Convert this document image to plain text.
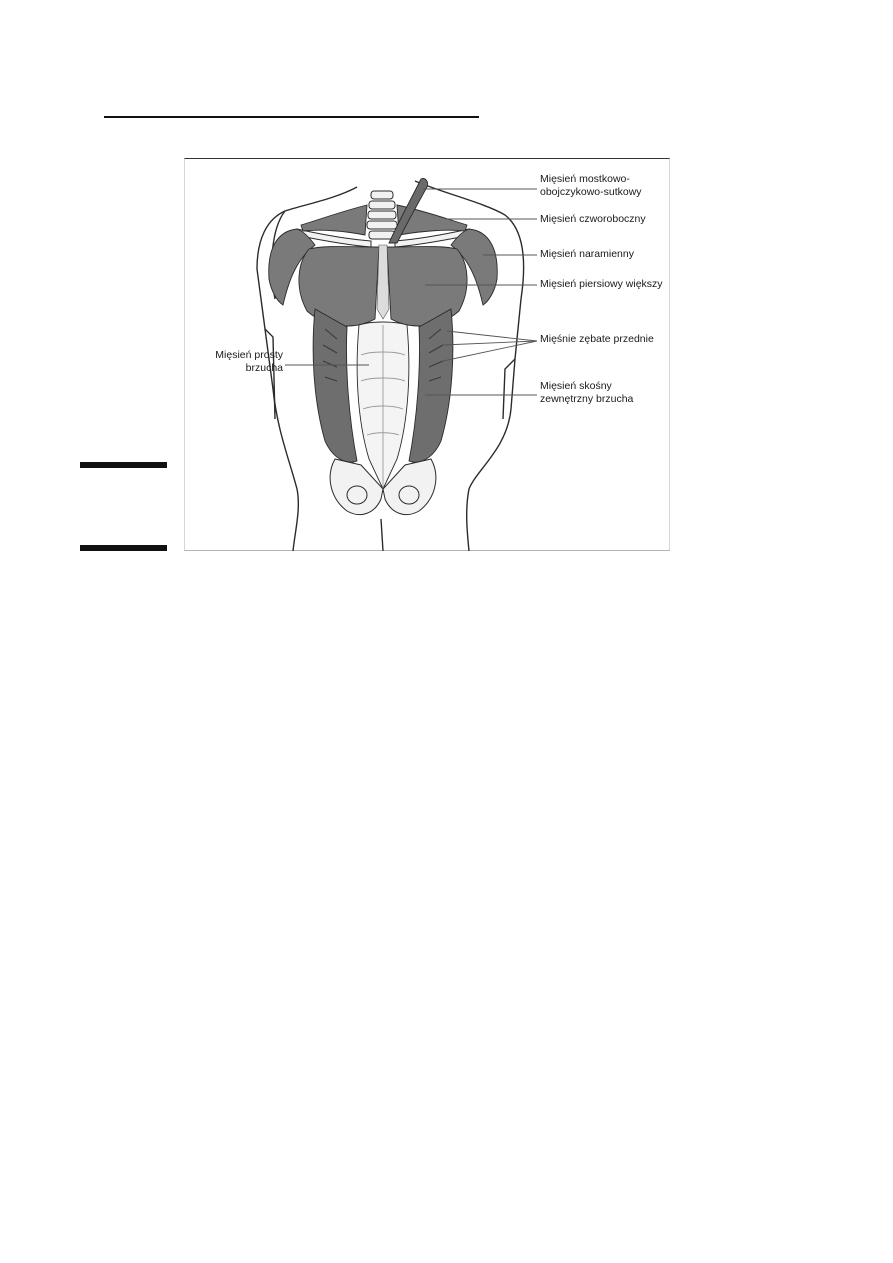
Mięsień mostkowo-
obojczykowo-sutkowy
Mięsień czworoboczny
Mięsień naramienny
Mięsień piersiowy większy
Mięśnie zębate przednie
Mięsień skośny
zewnętrzny brzucha
Mięsień prosty
brzucha
